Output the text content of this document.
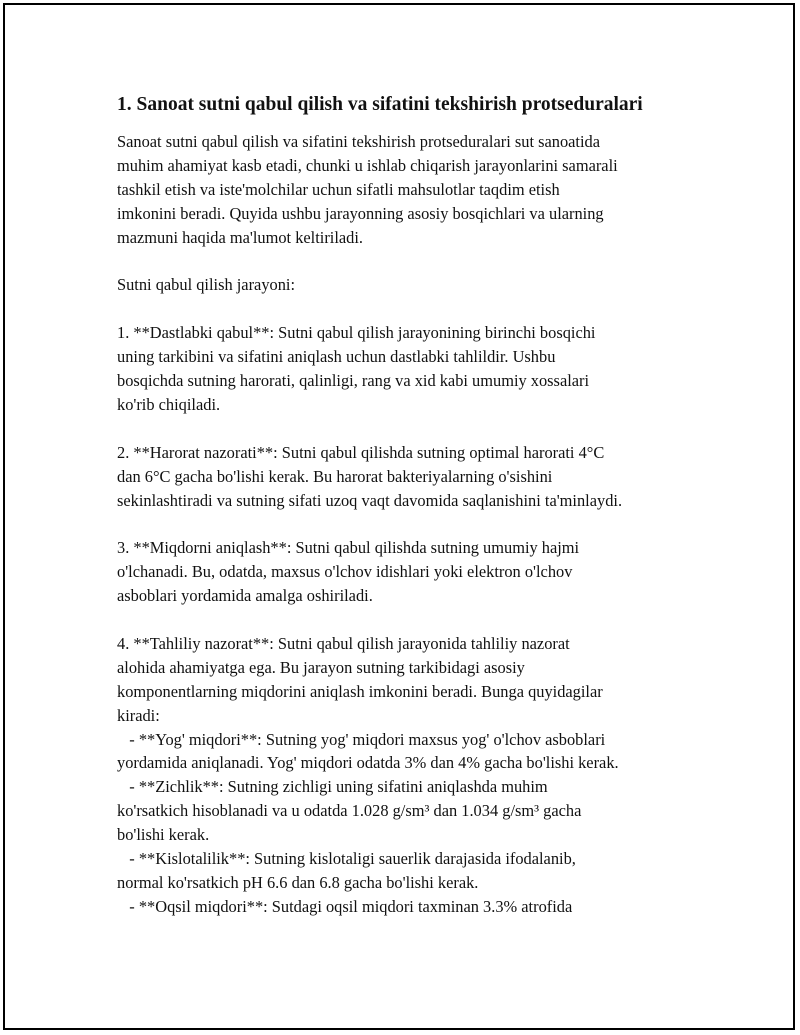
1. Sanoat sutni qabul qilish va sifatini tekshirish protseduralari

Sanoat sutni qabul qilish va sifatini tekshirish protseduralari sut sanoatida
muhim ahamiyat kasb etadi, chunki u ishlab chiqarish jarayonlarini samarali
tashkil etish va iste'molchilar uchun sifatli mahsulotlar taqdim etish
imkonini beradi. Quyida ushbu jarayonning asosiy bosqichlari va ularning
mazmuni haqida ma'lumot keltiriladi.

Sutni qabul qilish jarayoni:

1. **Dastlabki qabul**: Sutni qabul qilish jarayonining birinchi bosqichi
uning tarkibini va sifatini aniqlash uchun dastlabki tahlildir. Ushbu
bosqichda sutning harorati, qalinligi, rang va xid kabi umumiy xossalari
ko'rib chiqiladi.

2. **Harorat nazorati**: Sutni qabul qilishda sutning optimal harorati 4°C
dan 6°C gacha bo'lishi kerak. Bu harorat bakteriyalarning o'sishini
sekinlashtiradi va sutning sifati uzoq vaqt davomida saqlanishini ta'minlaydi.

3. **Miqdorni aniqlash**: Sutni qabul qilishda sutning umumiy hajmi
o'lchanadi. Bu, odatda, maxsus o'lchov idishlari yoki elektron o'lchov
asboblari yordamida amalga oshiriladi.

4. **Tahliliy nazorat**: Sutni qabul qilish jarayonida tahliliy nazorat
alohida ahamiyatga ega. Bu jarayon sutning tarkibidagi asosiy
komponentlarning miqdorini aniqlash imkonini beradi. Bunga quyidagilar
kiradi:

- **Yog' miqdori**: Sutning yog' miqdori maxsus yog' o'lchov asboblari
yordamida aniqlanadi. Yog' miqdori odatda 3% dan 4% gacha bo'lishi kerak.

- **Zichlik**: Sutning zichligi uning sifatini aniqlashda muhim
ko'rsatkich hisoblanadi va u odatda 1.028 g/sm³ dan 1.034 g/sm³ gacha
bo'lishi kerak.

- **Kislotalilik**: Sutning kislotaligi sauerlik darajasida ifodalanib,
normal ko'rsatkich pH 6.6 dan 6.8 gacha bo'lishi kerak.

- **Oqsil miqdori**: Sutdagi oqsil miqdori taxminan 3.3% atrofida
